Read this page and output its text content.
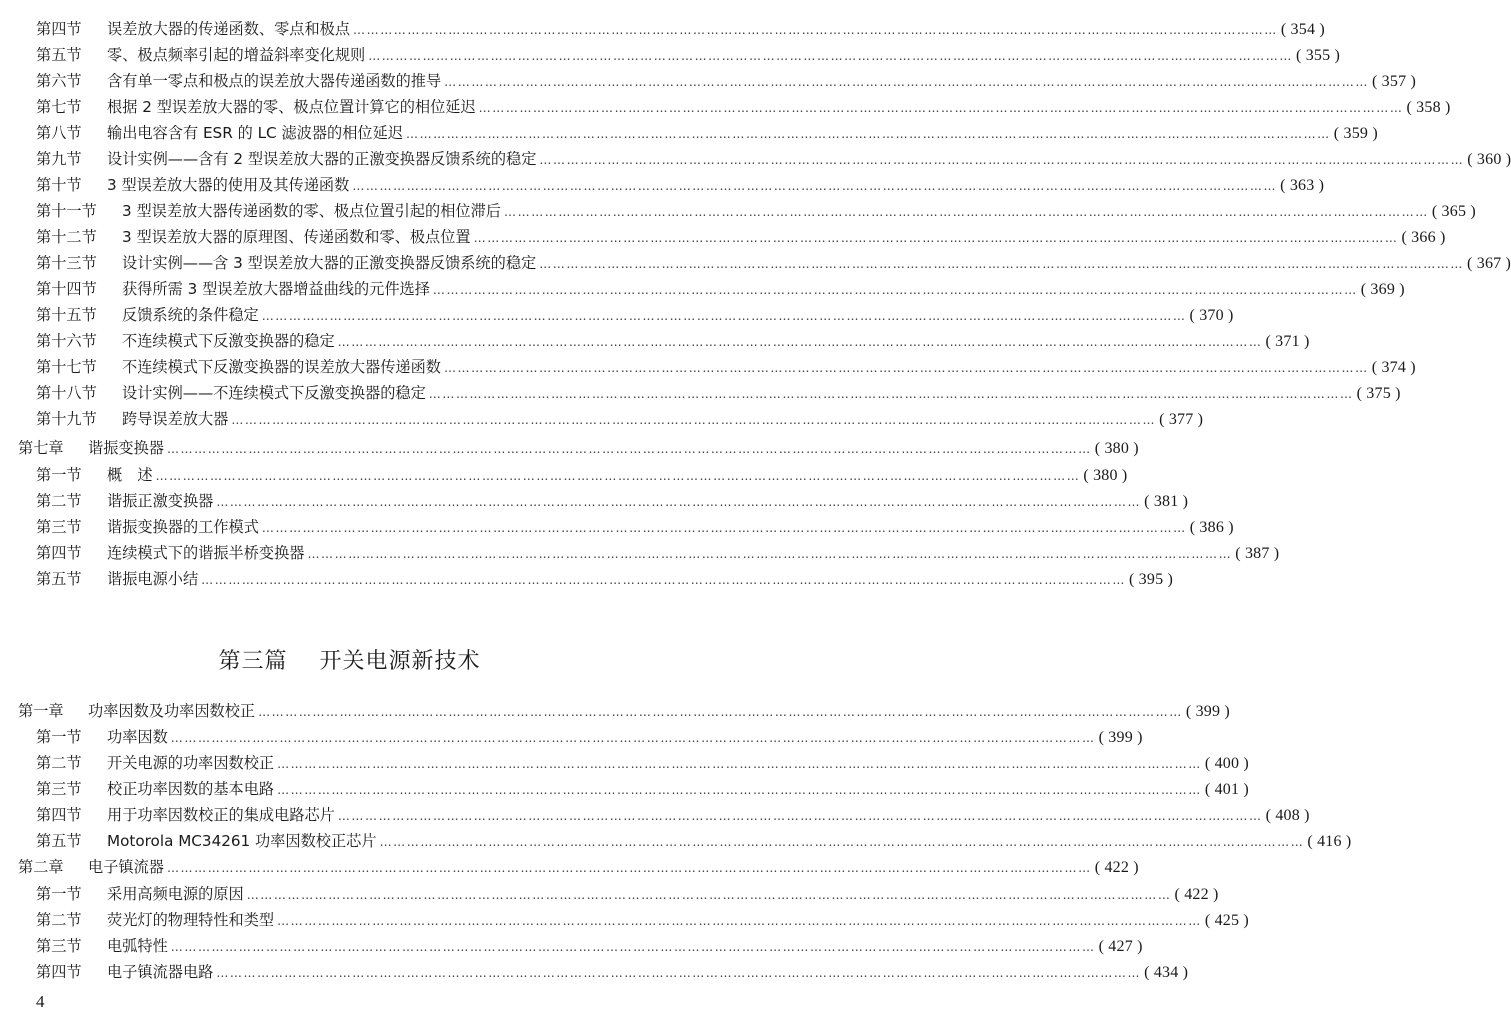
第四节	误差放大器的传递函数、零点和极点 ……………………………………………………………………………………………………………………………………………………………………………………	( 354 )
第五节	零、极点频率引起的增益斜率变化规则 ……………………………………………………………………………………………………………………………………………………………………………………	( 355 )
第六节	含有单一零点和极点的误差放大器传递函数的推导 ……………………………………………………………………………………………………………………………………………………………………………………	( 357 )
第七节	根据 2 型误差放大器的零、极点位置计算它的相位延迟 ……………………………………………………………………………………………………………………………………………………………………………………	( 358 )
第八节	输出电容含有 ESR 的 LC 滤波器的相位延迟 ……………………………………………………………………………………………………………………………………………………………………………………	( 359 )
第九节	设计实例——含有 2 型误差放大器的正激变换器反馈系统的稳定 ……………………………………………………………………………………………………………………………………………………………………………………	( 360 )
第十节	3 型误差放大器的使用及其传递函数 ……………………………………………………………………………………………………………………………………………………………………………………	( 363 )
第十一节	3 型误差放大器传递函数的零、极点位置引起的相位滞后 ……………………………………………………………………………………………………………………………………………………………………………………	( 365 )
第十二节	3 型误差放大器的原理图、传递函数和零、极点位置 ……………………………………………………………………………………………………………………………………………………………………………………	( 366 )
第十三节	设计实例——含 3 型误差放大器的正激变换器反馈系统的稳定 ……………………………………………………………………………………………………………………………………………………………………………………	( 367 )
第十四节	获得所需 3 型误差放大器增益曲线的元件选择 ……………………………………………………………………………………………………………………………………………………………………………………	( 369 )
第十五节	反馈系统的条件稳定 ……………………………………………………………………………………………………………………………………………………………………………………	( 370 )
第十六节	不连续模式下反激变换器的稳定 ……………………………………………………………………………………………………………………………………………………………………………………	( 371 )
第十七节	不连续模式下反激变换器的误差放大器传递函数 ……………………………………………………………………………………………………………………………………………………………………………………	( 374 )
第十八节	设计实例——不连续模式下反激变换器的稳定 ……………………………………………………………………………………………………………………………………………………………………………………	( 375 )
第十九节	跨导误差放大器 ……………………………………………………………………………………………………………………………………………………………………………………	( 377 )
第七章	谐振变换器 ……………………………………………………………………………………………………………………………………………………………………………………	( 380 )
第一节	概　述 ……………………………………………………………………………………………………………………………………………………………………………………	( 380 )
第二节	谐振正激变换器 ……………………………………………………………………………………………………………………………………………………………………………………	( 381 )
第三节	谐振变换器的工作模式 ……………………………………………………………………………………………………………………………………………………………………………………	( 386 )
第四节	连续模式下的谐振半桥变换器 ……………………………………………………………………………………………………………………………………………………………………………………	( 387 )
第五节	谐振电源小结 ……………………………………………………………………………………………………………………………………………………………………………………	( 395 )
第三篇 开关电源新技术
第一章	功率因数及功率因数校正 ……………………………………………………………………………………………………………………………………………………………………………………	( 399 )
第一节	功率因数 ……………………………………………………………………………………………………………………………………………………………………………………	( 399 )
第二节	开关电源的功率因数校正 ……………………………………………………………………………………………………………………………………………………………………………………	( 400 )
第三节	校正功率因数的基本电路 ……………………………………………………………………………………………………………………………………………………………………………………	( 401 )
第四节	用于功率因数校正的集成电路芯片 ……………………………………………………………………………………………………………………………………………………………………………………	( 408 )
第五节	Motorola MC34261 功率因数校正芯片 ……………………………………………………………………………………………………………………………………………………………………………………	( 416 )
第二章	电子镇流器 ……………………………………………………………………………………………………………………………………………………………………………………	( 422 )
第一节	采用高频电源的原因 ……………………………………………………………………………………………………………………………………………………………………………………	( 422 )
第二节	荧光灯的物理特性和类型 ……………………………………………………………………………………………………………………………………………………………………………………	( 425 )
第三节	电弧特性 ……………………………………………………………………………………………………………………………………………………………………………………	( 427 )
第四节	电子镇流器电路 ……………………………………………………………………………………………………………………………………………………………………………………	( 434 )
4
